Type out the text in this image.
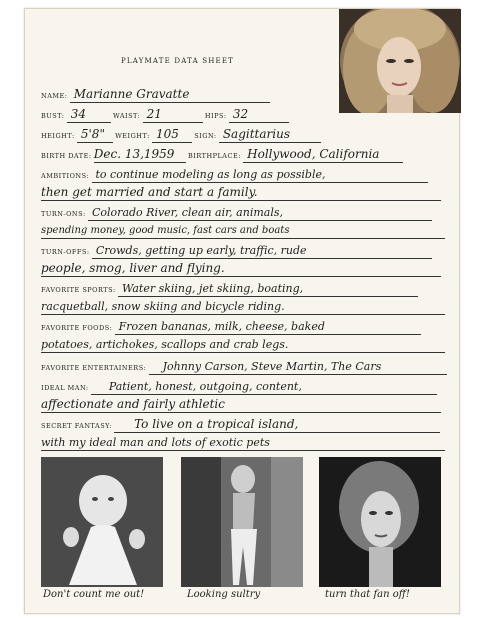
PLAYMATE DATA SHEET
NAME: Marianne Gravatte
BUST: 34	WAIST: 21	HIPS: 32
HEIGHT: 5'8" WEIGHT: 105 SIGN: Sagittarius
BIRTH DATE: Dec. 13,1959 BIRTHPLACE: Hollywood, California
AMBITIONS: to continue modeling as long as possible,
then get married and start a family.
TURN-ONS: Colorado River, clean air, animals,
spending money, good music, fast cars and boats
TURN-OFFS: Crowds, getting up early, traffic, rude
people, smog, liver and flying.
FAVORITE SPORTS: Water skiing, jet skiing, boating,
racquetball, snow skiing and bicycle riding.
FAVORITE FOODS: Frozen bananas, milk, cheese, baked
potatoes, artichokes, scallops and crab legs.
FAVORITE ENTERTAINERS: Johnny Carson, Steve Martin, The Cars
IDEAL MAN: Patient, honest, outgoing, content,
affectionate and fairly athletic
SECRET FANTASY: To live on a tropical island,
with my ideal man and lots of exotic pets
Don't count me out!	Looking sultry	turn that fan off!
